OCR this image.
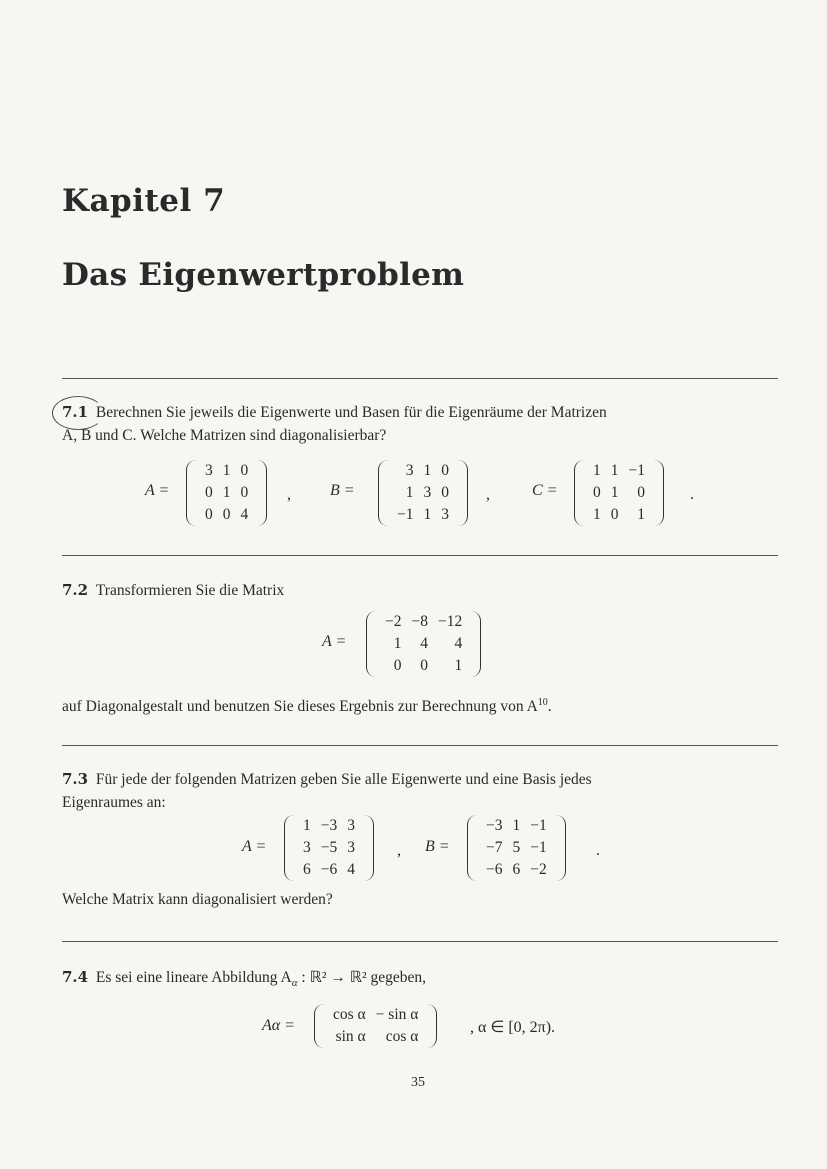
Kapitel 7
Das Eigenwertproblem
7.1 Berechnen Sie jeweils die Eigenwerte und Basen für die Eigenräume der Matrizen
A, B und C. Welche Matrizen sind diagonalisierbar?
A =
3	1	0
0	1	0
0	0	4
, B =
3	1	0
1	3	0
−1	1	3
,	C =
1	1	−1
0	1	0
1	0	1
.
7.2 Transformieren Sie die Matrix
A =
−2	−8	−12
1	4	4
0	0	1
auf Diagonalgestalt und benutzen Sie dieses Ergebnis zur Berechnung von $A^{10}$.
7.3 Für jede der folgenden Matrizen geben Sie alle Eigenwerte und eine Basis jedes
Eigenraumes an:
A =
1	−3	3
3	−5	3
6	−6	4
, B =
−3	1	−1
−7	5	−1
−6	6	−2
.
Welche Matrix kann diagonalisiert werden?
7.4 Es sei eine lineare Abbildung $A_\alpha$ : ℝ² → ℝ² gegeben,
Aα =
cos α	− sin α
sin α	cos α
, α ∈ [0, 2π).
35
